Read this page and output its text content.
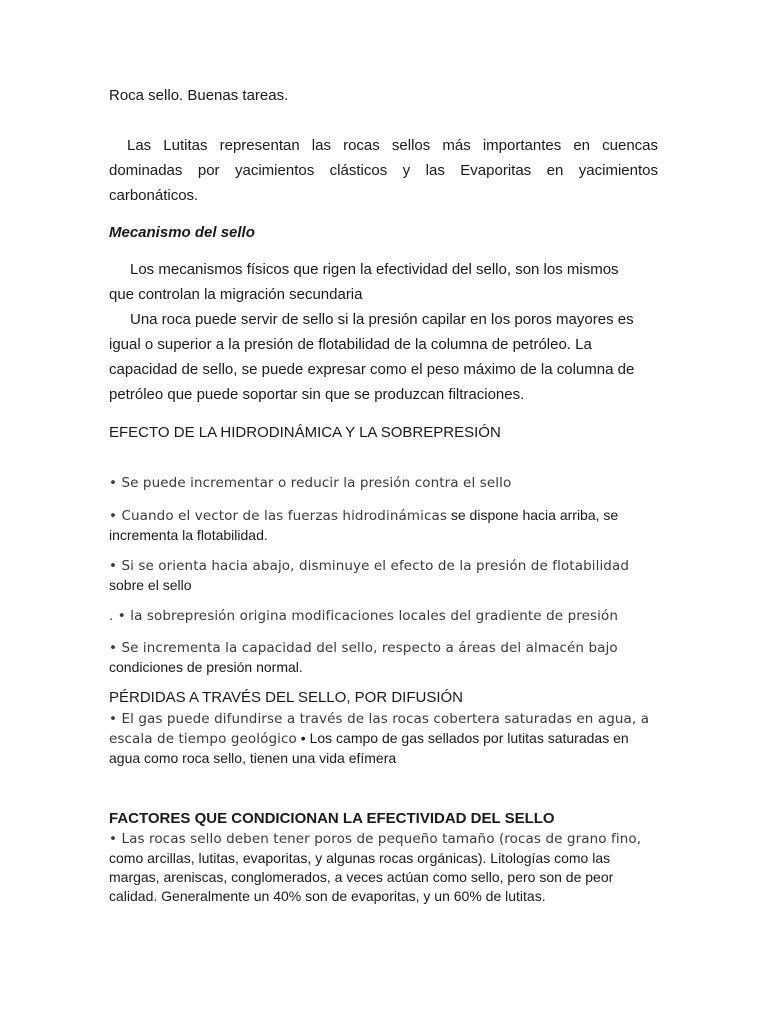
Roca sello. Buenas tareas.

Las Lutitas representan las rocas sellos más importantes en cuencas
dominadas por yacimientos clásticos y las Evaporitas en yacimientos
carbonáticos.

Mecanismo del sello

Los mecanismos físicos que rigen la efectividad del sello, son los mismos
que controlan la migración secundaria
Una roca puede servir de sello si la presión capilar en los poros mayores es
igual o superior a la presión de flotabilidad de la columna de petróleo. La
capacidad de sello, se puede expresar como el peso máximo de la columna de
petróleo que puede soportar sin que se produzcan filtraciones.

EFECTO DE LA HIDRODINÁMICA Y LA SOBREPRESIÓN

• Se puede incrementar o reducir la presión contra el sello

• Cuando el vector de las fuerzas hidrodinámicas se dispone hacia arriba, se incrementa la flotabilidad.

• Si se orienta hacia abajo, disminuye el efecto de la presión de flotabilidad
sobre el sello

. • la sobrepresión origina modificaciones locales del gradiente de presión

• Se incrementa la capacidad del sello, respecto a áreas del almacén bajo
condiciones de presión normal.

PÉRDIDAS A TRAVÉS DEL SELLO, POR DIFUSIÓN

• El gas puede difundirse a través de las rocas cobertera saturadas en agua, a escala de tiempo geológico • Los campo de gas sellados por lutitas saturadas en agua como roca sello, tienen una vida efímera

FACTORES QUE CONDICIONAN LA EFECTIVIDAD DEL SELLO

• Las rocas sello deben tener poros de pequeño tamaño (rocas de grano fino, como arcillas, lutitas, evaporitas, y algunas rocas orgánicas). Litologías como las margas, areniscas, conglomerados, a veces actúan como sello, pero son de peor calidad. Generalmente un 40% son de evaporitas, y un 60% de lutitas.
